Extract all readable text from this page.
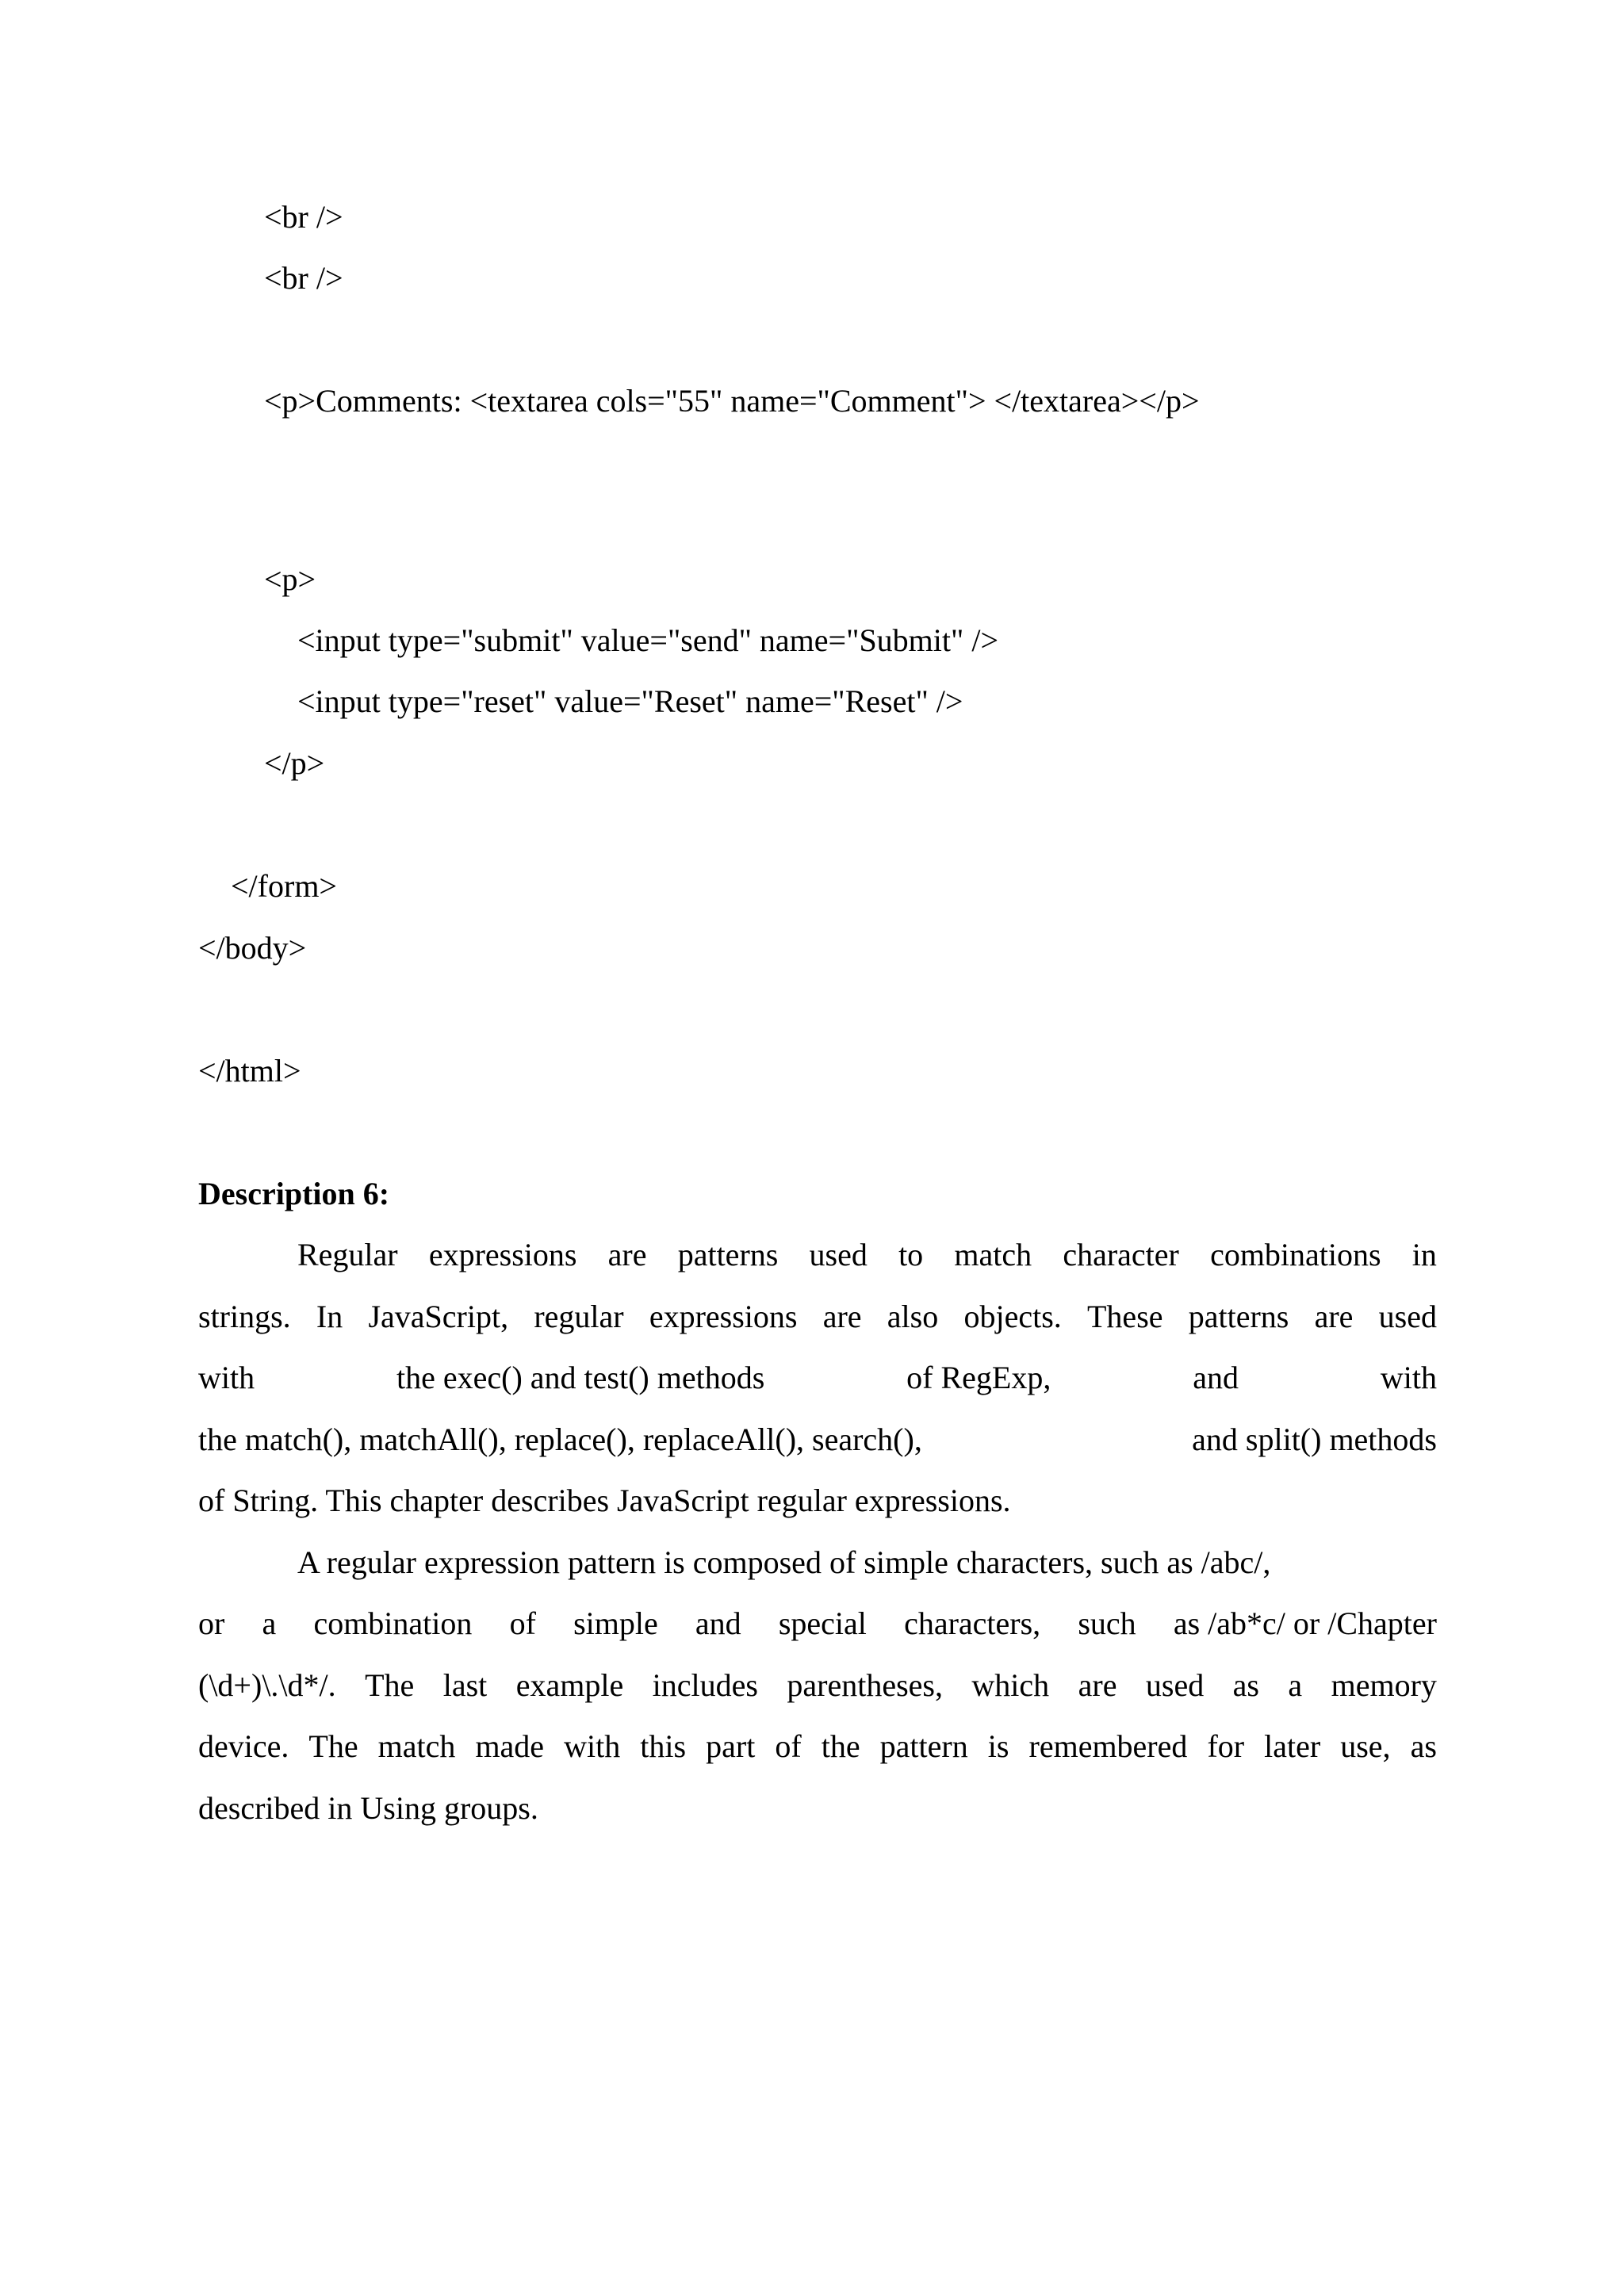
<br />
<br />
<p>Comments: <textarea cols="55" name="Comment"> </textarea></p>
<p>
<input type="submit" value="send" name="Submit" />
<input type="reset" value="Reset" name="Reset" />
</p>
</form>
</body>
</html>
Description 6:
Regular expressions are patterns used to match character combinations in
strings. In JavaScript, regular expressions are also objects. These patterns are used
with	the exec() and test() methods	of RegExp,	and	with
the match(), matchAll(), replace(), replaceAll(), search(),	and split() methods
of String. This chapter describes JavaScript regular expressions.
A regular expression pattern is composed of simple characters, such as /abc/,
or a combination of simple and special characters, such as /ab*c/ or /Chapter
(\d+)\.\d*/. The last example includes parentheses, which are used as a memory
device. The match made with this part of the pattern is remembered for later use, as
described in Using groups.
